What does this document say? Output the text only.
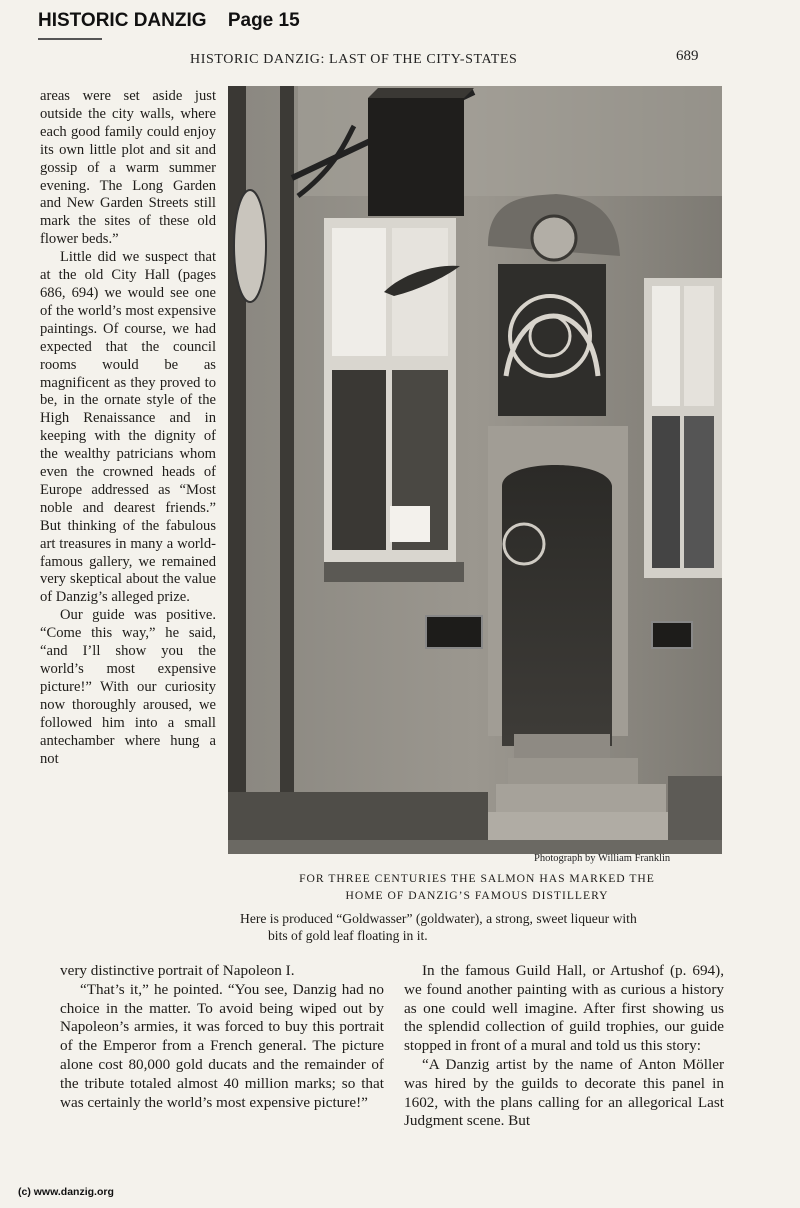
HISTORIC DANZIG Page 15
HISTORIC DANZIG: LAST OF THE CITY-STATES	689

areas were set aside just outside the city walls, where each good family could enjoy its own little plot and sit and gossip of a warm summer evening. The Long Garden and New Garden Streets still mark the sites of these old flower beds.”

Little did we suspect that at the old City Hall (pages 686, 694) we would see one of the world’s most expensive paintings. Of course, we had expected that the council rooms would be as magnificent as they proved to be, in the ornate style of the High Renaissance and in keeping with the dignity of the wealthy patricians whom even the crowned heads of Europe addressed as “Most noble and dearest friends.” But thinking of the fabulous art treasures in many a world-famous gallery, we remained very skeptical about the value of Danzig’s alleged prize.

Our guide was positive. “Come this way,” he said, “and I’ll show you the world’s most expensive picture!” With our curiosity now thoroughly aroused, we followed him into a small antechamber where hung a not

Photograph by William Franklin
FOR THREE CENTURIES THE SALMON HAS MARKED THE
HOME OF DANZIG’S FAMOUS DISTILLERY
Here is produced “Goldwasser” (goldwater), a strong, sweet liqueur with
bits of gold leaf floating in it.

very distinctive portrait of Napoleon I.

“That’s it,” he pointed. “You see, Danzig had no choice in the matter. To avoid being wiped out by Napoleon’s armies, it was forced to buy this portrait of the Emperor from a French general. The picture alone cost 80,000 gold ducats and the remainder of the tribute totaled almost 40 million marks; so that was certainly the world’s most expensive picture!”

In the famous Guild Hall, or Artushof (p. 694), we found another painting with as curious a history as one could well imagine. After first showing us the splendid collection of guild trophies, our guide stopped in front of a mural and told us this story:

“A Danzig artist by the name of Anton Möller was hired by the guilds to decorate this panel in 1602, with the plans calling for an allegorical Last Judgment scene. But

(c) www.danzig.org
